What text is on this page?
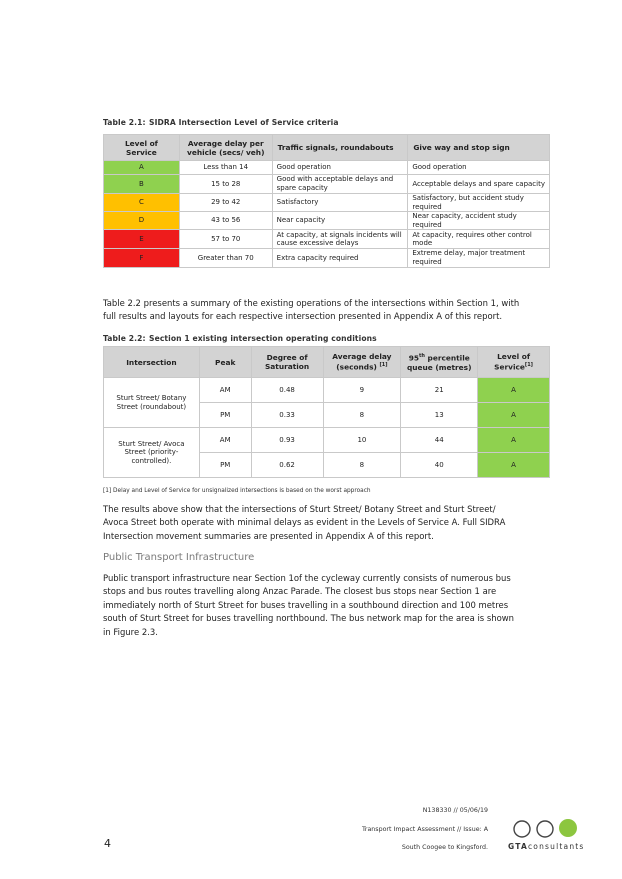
Table 2.1: SIDRA Intersection Level of Service criteria
Level of Service	Average delay per vehicle (secs/ veh)	Traffic signals, roundabouts	Give way and stop sign
A	Less than 14	Good operation	Good operation
B	15 to 28	Good with acceptable delays and spare capacity	Acceptable delays and spare capacity
C	29 to 42	Satisfactory	Satisfactory, but accident study required
D	43 to 56	Near capacity	Near capacity, accident study required
E	57 to 70	At capacity, at signals incidents will cause excessive delays	At capacity, requires other control mode
F	Greater than 70	Extra capacity required	Extreme delay, major treatment required
Table 2.2 presents a summary of the existing operations of the intersections within Section 1, with full results and layouts for each respective intersection presented in Appendix A of this report.
Table 2.2: Section 1 existing intersection operating conditions
Intersection	Peak	Degree of Saturation	Average delay (seconds) [1]	95th percentile queue (metres)	Level of Service[1]
Sturt Street/ Botany Street (roundabout)	AM	0.48	9	21	A
	PM	0.33	8	13	A
Sturt Street/ Avoca Street (priority-controlled).	AM	0.93	10	44	A
	PM	0.62	8	40	A
[1] Delay and Level of Service for unsignalized intersections is based on the worst approach
The results above show that the intersections of Sturt Street/ Botany Street and Sturt Street/ Avoca Street both operate with minimal delays as evident in the Levels of Service A. Full SIDRA Intersection movement summaries are presented in Appendix A of this report.
Public Transport Infrastructure
Public transport infrastructure near Section 1of the cycleway currently consists of numerous bus stops and bus routes travelling along Anzac Parade. The closest bus stops near Section 1 are immediately north of Sturt Street for buses travelling in a southbound direction and 100 metres south of Sturt Street for buses travelling northbound. The bus network map for the area is shown in Figure 2.3.
N138330 // 05/06/19
Transport Impact Assessment // Issue: A
South Coogee to Kingsford.
4	GTAconsultants
